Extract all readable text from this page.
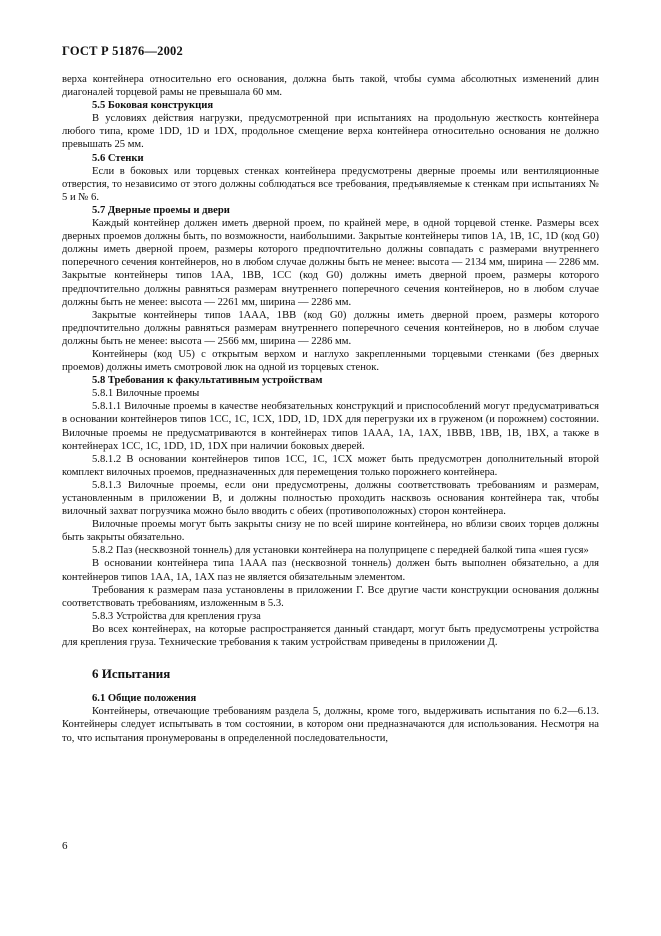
ГОСТ Р 51876—2002

верха контейнера относительно его основания, должна быть такой, чтобы сумма абсолютных изменений длин диагоналей торцевой рамы не превышала 60 мм.

5.5 Боковая конструкция

В условиях действия нагрузки, предусмотренной при испытаниях на продольную жесткость контейнера любого типа, кроме 1DD, 1D и 1DX, продольное смещение верха контейнера относительно основания не должно превышать 25 мм.

5.6 Стенки

Если в боковых или торцевых стенках контейнера предусмотрены дверные проемы или вентиляционные отверстия, то независимо от этого должны соблюдаться все требования, предъявляемые к стенкам при испытаниях № 5 и № 6.

5.7 Дверные проемы и двери

Каждый контейнер должен иметь дверной проем, по крайней мере, в одной торцевой стенке. Размеры всех дверных проемов должны быть, по возможности, наибольшими. Закрытые контейнеры типов 1A, 1B, 1C, 1D (код G0) должны иметь дверной проем, размеры которого предпочтительно должны совпадать с размерами внутреннего поперечного сечения контейнеров, но в любом случае должны быть не менее: высота — 2134 мм, ширина — 2286 мм. Закрытые контейнеры типов 1AA, 1BB, 1CC (код G0) должны иметь дверной проем, размеры которого предпочтительно должны равняться размерам внутреннего поперечного сечения контейнеров, но в любом случае должны быть не менее: высота — 2261 мм, ширина — 2286 мм.

Закрытые контейнеры типов 1AAA, 1BB (код G0) должны иметь дверной проем, размеры которого предпочтительно должны равняться размерам внутреннего поперечного сечения контейнеров, но в любом случае должны быть не менее: высота — 2566 мм, ширина — 2286 мм.

Контейнеры (код U5) с открытым верхом и наглухо закрепленными торцевыми стенками (без дверных проемов) должны иметь смотровой люк на одной из торцевых стенок.

5.8 Требования к факультативным устройствам

5.8.1 Вилочные проемы

5.8.1.1 Вилочные проемы в качестве необязательных конструкций и приспособлений могут предусматриваться в основании контейнеров типов 1CC, 1C, 1CX, 1DD, 1D, 1DX для перегрузки их в груженом (и порожнем) состоянии. Вилочные проемы не предусматриваются в контейнерах типов 1AAA, 1A, 1AX, 1BBB, 1BB, 1B, 1BX, а также в контейнерах 1CC, 1C, 1DD, 1D, 1DX при наличии боковых дверей.

5.8.1.2 В основании контейнеров типов 1CC, 1C, 1CX может быть предусмотрен дополнительный второй комплект вилочных проемов, предназначенных для перемещения только порожнего контейнера.

5.8.1.3 Вилочные проемы, если они предусмотрены, должны соответствовать требованиям и размерам, установленным в приложении В, и должны полностью проходить насквозь основания контейнера так, чтобы вилочный захват погрузчика можно было вводить с обеих (противоположных) сторон контейнера.

Вилочные проемы могут быть закрыты снизу не по всей ширине контейнера, но вблизи своих торцев должны быть закрыты обязательно.

5.8.2 Паз (несквозной тоннель) для установки контейнера на полуприцепе с передней балкой типа «шея гуся»

В основании контейнера типа 1AAA паз (несквозной тоннель) должен быть выполнен обязательно, а для контейнеров типов 1AA, 1A, 1AX паз не является обязательным элементом.

Требования к размерам паза установлены в приложении Г. Все другие части конструкции основания должны соответствовать требованиям, изложенным в 5.3.

5.8.3 Устройства для крепления груза

Во всех контейнерах, на которые распространяется данный стандарт, могут быть предусмотрены устройства для крепления груза. Технические требования к таким устройствам приведены в приложении Д.

6 Испытания

6.1 Общие положения

Контейнеры, отвечающие требованиям раздела 5, должны, кроме того, выдерживать испытания по 6.2—6.13. Контейнеры следует испытывать в том состоянии, в котором они предназначаются для использования. Несмотря на то, что испытания пронумерованы в определенной последовательности,

6
